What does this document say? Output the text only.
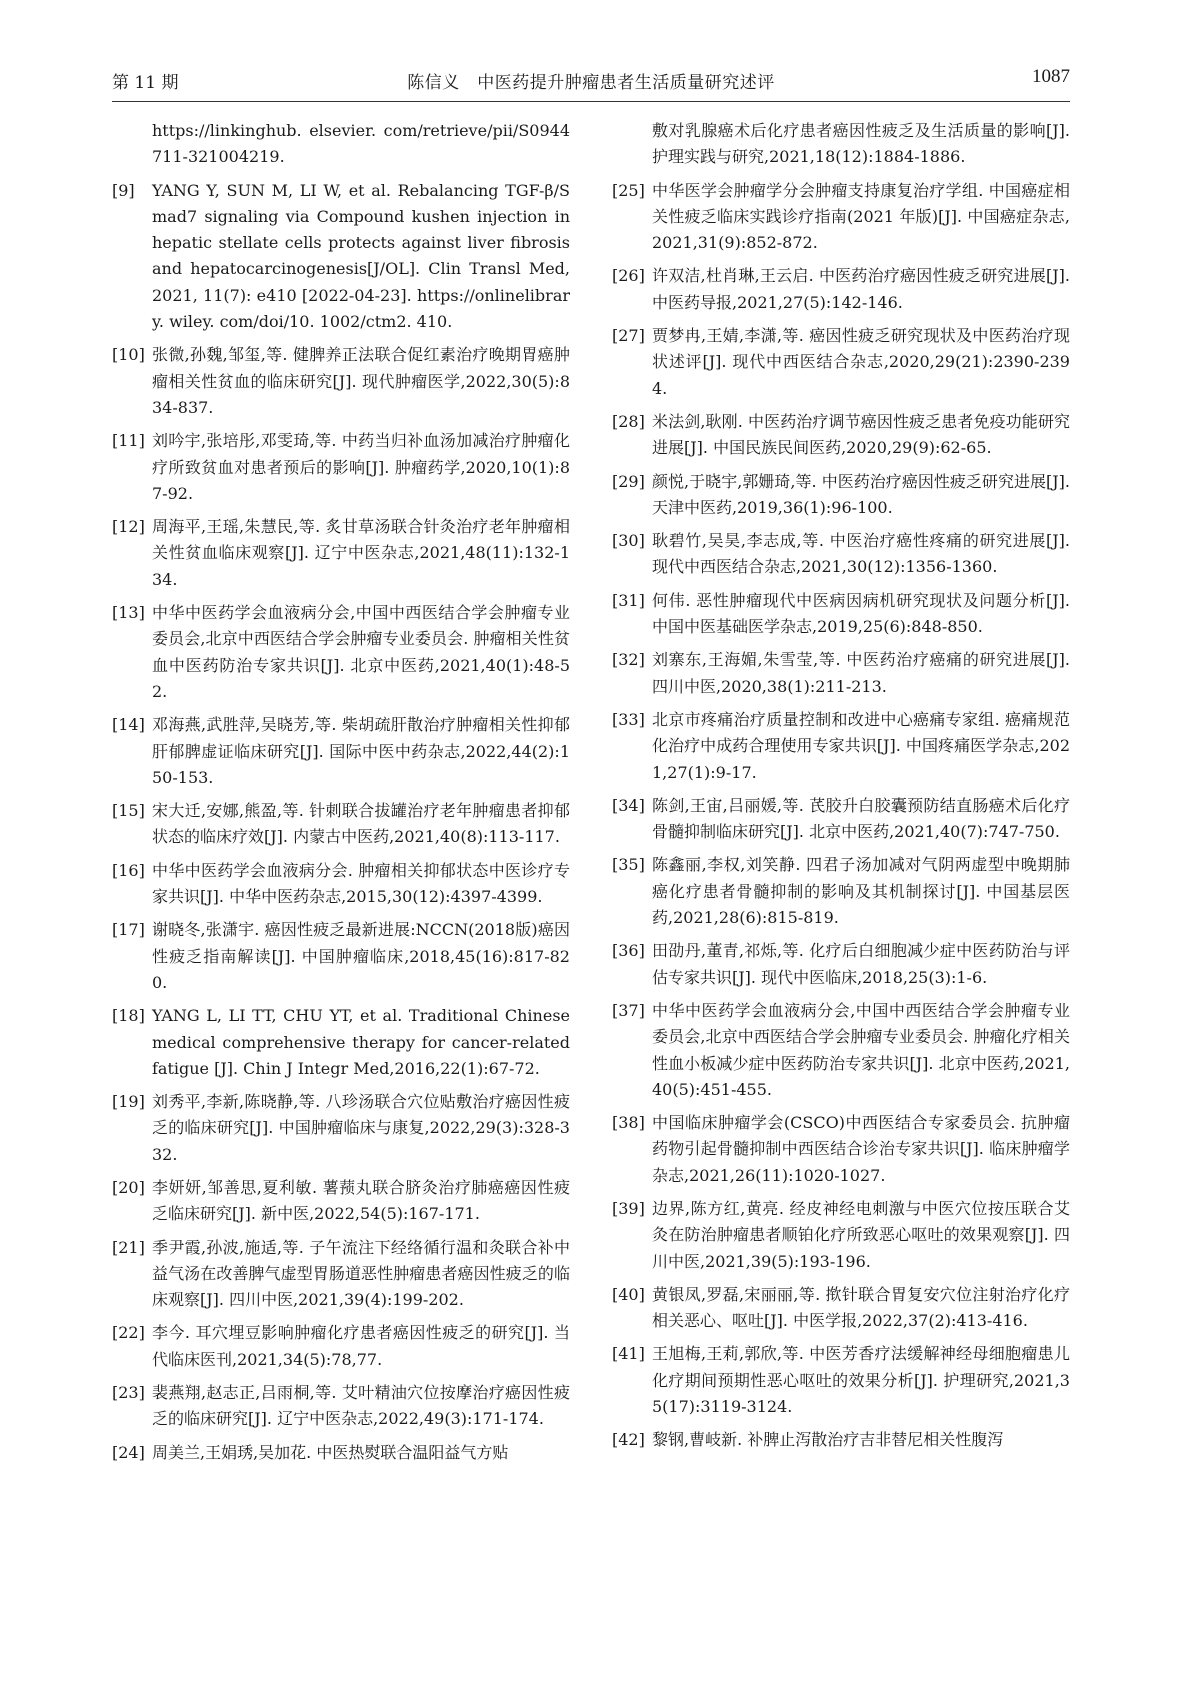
第 11 期	陈信义　中医药提升肿瘤患者生活质量研究述评	1087
https://linkinghub. elsevier. com/retrieve/pii/S0944711-321004219.
[9] YANG Y, SUN M, LI W, et al. Rebalancing TGF-β/Smad7 signaling via Compound kushen injection in hepatic stellate cells protects against liver fibrosis and hepatocarcinogenesis[J/OL]. Clin Transl Med, 2021, 11(7): e410 [2022-04-23]. https://onlinelibrary. wiley. com/doi/10. 1002/ctm2. 410.
[10] 张微,孙魏,邹玺,等. 健脾养正法联合促红素治疗晚期胃癌肿瘤相关性贫血的临床研究[J]. 现代肿瘤医学,2022,30(5):834-837.
[11] 刘吟宇,张培彤,邓雯琦,等. 中药当归补血汤加减治疗肿瘤化疗所致贫血对患者预后的影响[J]. 肿瘤药学,2020,10(1):87-92.
[12] 周海平,王瑶,朱慧民,等. 炙甘草汤联合针灸治疗老年肿瘤相关性贫血临床观察[J]. 辽宁中医杂志,2021,48(11):132-134.
[13] 中华中医药学会血液病分会,中国中西医结合学会肿瘤专业委员会,北京中西医结合学会肿瘤专业委员会. 肿瘤相关性贫血中医药防治专家共识[J]. 北京中医药,2021,40(1):48-52.
[14] 邓海燕,武胜萍,吴晓芳,等. 柴胡疏肝散治疗肿瘤相关性抑郁肝郁脾虚证临床研究[J]. 国际中医中药杂志,2022,44(2):150-153.
[15] 宋大迁,安娜,熊盈,等. 针刺联合拔罐治疗老年肿瘤患者抑郁状态的临床疗效[J]. 内蒙古中医药,2021,40(8):113-117.
[16] 中华中医药学会血液病分会. 肿瘤相关抑郁状态中医诊疗专家共识[J]. 中华中医药杂志,2015,30(12):4397-4399.
[17] 谢晓冬,张潇宇. 癌因性疲乏最新进展:NCCN(2018版)癌因性疲乏指南解读[J]. 中国肿瘤临床,2018,45(16):817-820.
[18] YANG L, LI TT, CHU YT, et al. Traditional Chinese medical comprehensive therapy for cancer-related fatigue [J]. Chin J Integr Med,2016,22(1):67-72.
[19] 刘秀平,李新,陈晓静,等. 八珍汤联合穴位贴敷治疗癌因性疲乏的临床研究[J]. 中国肿瘤临床与康复,2022,29(3):328-332.
[20] 李妍妍,邹善思,夏利敏. 薯蓣丸联合脐灸治疗肺癌癌因性疲乏临床研究[J]. 新中医,2022,54(5):167-171.
[21] 季尹霞,孙波,施适,等. 子午流注下经络循行温和灸联合补中益气汤在改善脾气虚型胃肠道恶性肿瘤患者癌因性疲乏的临床观察[J]. 四川中医,2021,39(4):199-202.
[22] 李今. 耳穴埋豆影响肿瘤化疗患者癌因性疲乏的研究[J]. 当代临床医刊,2021,34(5):78,77.
[23] 裴燕翔,赵志正,吕雨桐,等. 艾叶精油穴位按摩治疗癌因性疲乏的临床研究[J]. 辽宁中医杂志,2022,49(3):171-174.
[24] 周美兰,王娟琇,吴加花. 中医热熨联合温阳益气方贴
敷对乳腺癌术后化疗患者癌因性疲乏及生活质量的影响[J]. 护理实践与研究,2021,18(12):1884-1886.
[25] 中华医学会肿瘤学分会肿瘤支持康复治疗学组. 中国癌症相关性疲乏临床实践诊疗指南(2021 年版)[J]. 中国癌症杂志,2021,31(9):852-872.
[26] 许双洁,杜肖琳,王云启. 中医药治疗癌因性疲乏研究进展[J]. 中医药导报,2021,27(5):142-146.
[27] 贾梦冉,王婧,李潇,等. 癌因性疲乏研究现状及中医药治疗现状述评[J]. 现代中西医结合杂志,2020,29(21):2390-2394.
[28] 米法剑,耿刚. 中医药治疗调节癌因性疲乏患者免疫功能研究进展[J]. 中国民族民间医药,2020,29(9):62-65.
[29] 颜悦,于晓宇,郭姗琦,等. 中医药治疗癌因性疲乏研究进展[J]. 天津中医药,2019,36(1):96-100.
[30] 耿碧竹,吴昊,李志成,等. 中医治疗癌性疼痛的研究进展[J]. 现代中西医结合杂志,2021,30(12):1356-1360.
[31] 何伟. 恶性肿瘤现代中医病因病机研究现状及问题分析[J]. 中国中医基础医学杂志,2019,25(6):848-850.
[32] 刘寨东,王海媚,朱雪莹,等. 中医药治疗癌痛的研究进展[J]. 四川中医,2020,38(1):211-213.
[33] 北京市疼痛治疗质量控制和改进中心癌痛专家组. 癌痛规范化治疗中成药合理使用专家共识[J]. 中国疼痛医学杂志,2021,27(1):9-17.
[34] 陈剑,王宙,吕丽媛,等. 芪胶升白胶囊预防结直肠癌术后化疗骨髓抑制临床研究[J]. 北京中医药,2021,40(7):747-750.
[35] 陈鑫丽,李权,刘笑静. 四君子汤加减对气阴两虚型中晚期肺癌化疗患者骨髓抑制的影响及其机制探讨[J]. 中国基层医药,2021,28(6):815-819.
[36] 田劭丹,董青,祁烁,等. 化疗后白细胞减少症中医药防治与评估专家共识[J]. 现代中医临床,2018,25(3):1-6.
[37] 中华中医药学会血液病分会,中国中西医结合学会肿瘤专业委员会,北京中西医结合学会肿瘤专业委员会. 肿瘤化疗相关性血小板减少症中医药防治专家共识[J]. 北京中医药,2021,40(5):451-455.
[38] 中国临床肿瘤学会(CSCO)中西医结合专家委员会. 抗肿瘤药物引起骨髓抑制中西医结合诊治专家共识[J]. 临床肿瘤学杂志,2021,26(11):1020-1027.
[39] 边界,陈方红,黄亮. 经皮神经电刺激与中医穴位按压联合艾灸在防治肿瘤患者顺铂化疗所致恶心呕吐的效果观察[J]. 四川中医,2021,39(5):193-196.
[40] 黄银凤,罗磊,宋丽丽,等. 揿针联合胃复安穴位注射治疗化疗相关恶心、呕吐[J]. 中医学报,2022,37(2):413-416.
[41] 王旭梅,王莉,郭欣,等. 中医芳香疗法缓解神经母细胞瘤患儿化疗期间预期性恶心呕吐的效果分析[J]. 护理研究,2021,35(17):3119-3124.
[42] 黎钢,曹岐新. 补脾止泻散治疗吉非替尼相关性腹泻
